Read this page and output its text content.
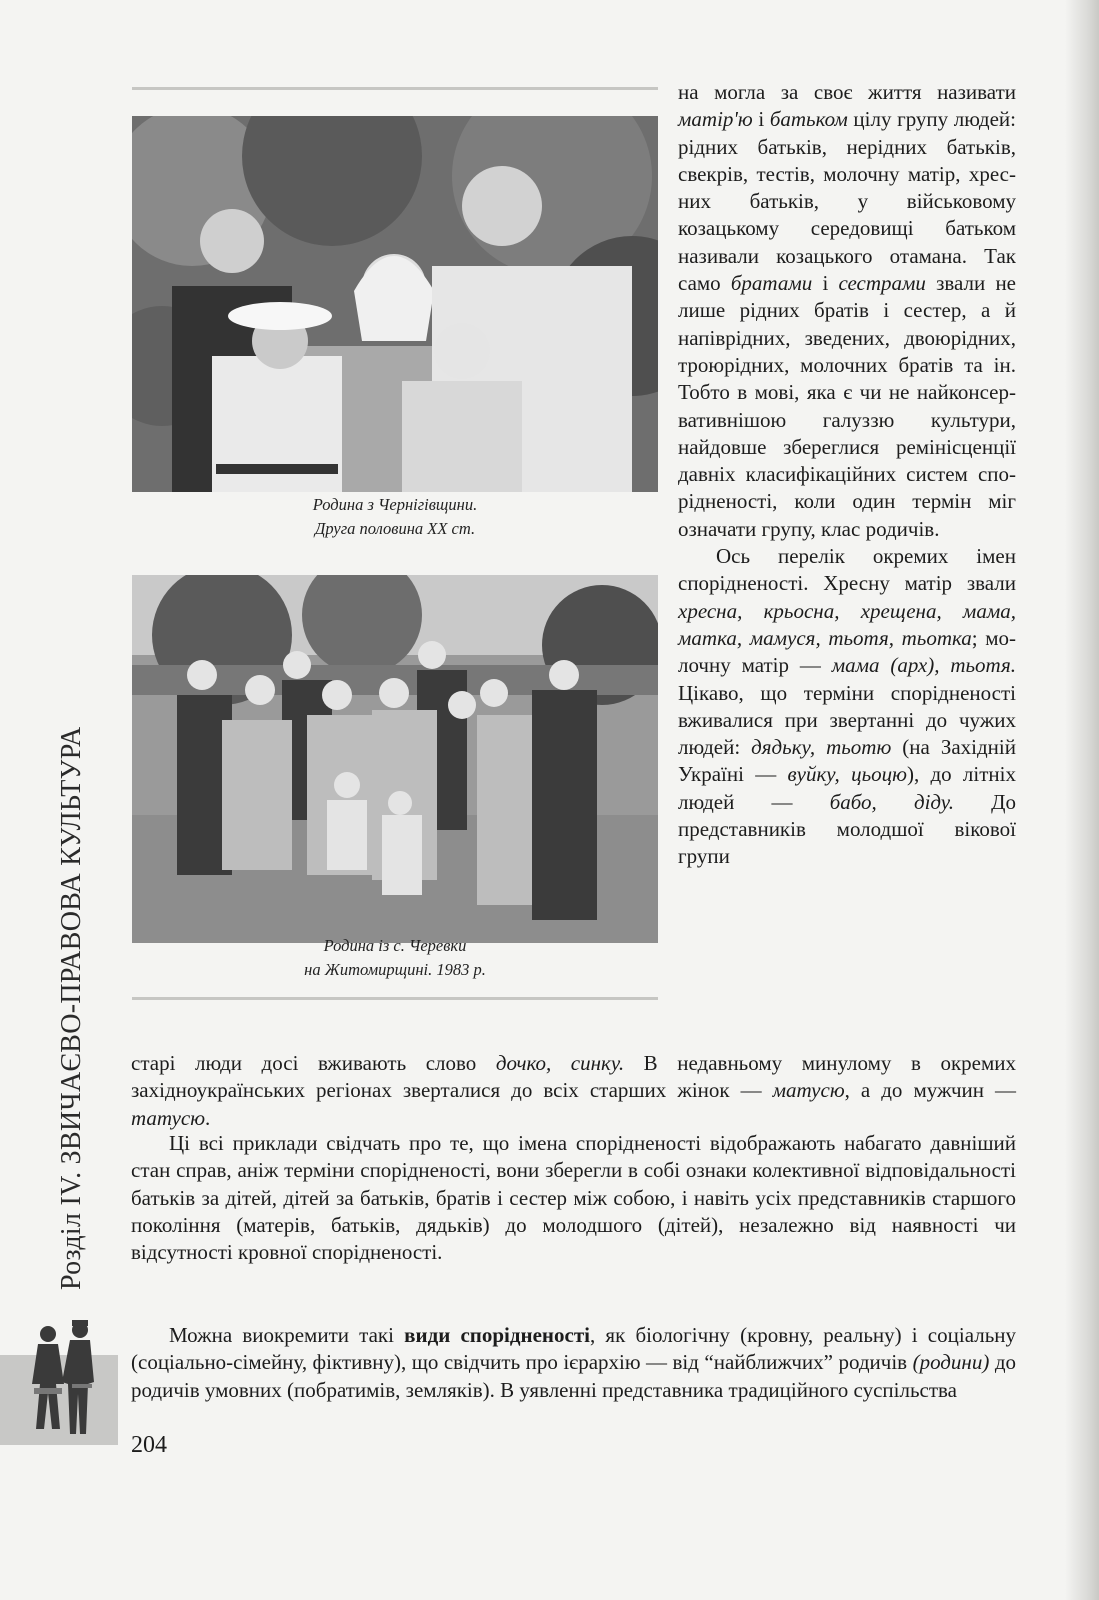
Розділ IV. ЗВИЧАЄВО-ПРАВОВА КУЛЬТУРА
Родина з Чернігівщини.
Друга половина XX ст.
Родина із с. Черевки
на Житомирщині. 1983 р.

на могла за своє життя називати матір'ю і батьком цілу групу людей: рідних батьків, нерідних батьків, свекрів, тестів, молочну матір, хресних батьків, у військовому козацькому середовищі батьком називали козацького отамана. Так само братами і сестрами звали не лише рідних братів і сестер, а й напіврідних, зведених, двоюрідних, троюрідних, молочних братів та ін. Тобто в мові, яка є чи не найконсервативнішою галуззю культури, найдовше збереглися ремінісценції давніх класифікаційних систем спорідненості, коли один термін міг означати групу, клас родичів.

Ось перелік окремих імен спорідненості. Хресну матір звали хресна, крьосна, хрещена, мама, матка, мамуся, тьотя, тьотка; молочну матір — мама (арх), тьотя. Цікаво, що терміни спорідненості вживалися при звертанні до чужих людей: дядьку, тьотю (на Західній Україні — вуйку, цьоцю), до літніх людей — бабо, діду. До представників молодшої вікової групи

старі люди досі вживають слово дочко, синку. В недавньому минулому в окремих західноукраїнських регіонах зверталися до всіх старших жінок — матусю, а до мужчин — татусю.

Ці всі приклади свідчать про те, що імена спорідненості відображають набагато давніший стан справ, аніж терміни спорідненості, вони зберегли в собі ознаки колективної відповідальності батьків за дітей, дітей за батьків, братів і сестер між собою, і навіть усіх представників старшого покоління (матерів, батьків, дядьків) до молодшого (дітей), незалежно від наявності чи відсутності кровної спорідненості.

Можна виокремити такі види спорідненості, як біологічну (кровну, реальну) і соціальну (соціально-сімейну, фіктивну), що свідчить про ієрархію — від “найближчих” родичів (родини) до родичів умовних (побратимів, земляків). В уявленні представника традиційного суспільства

204
